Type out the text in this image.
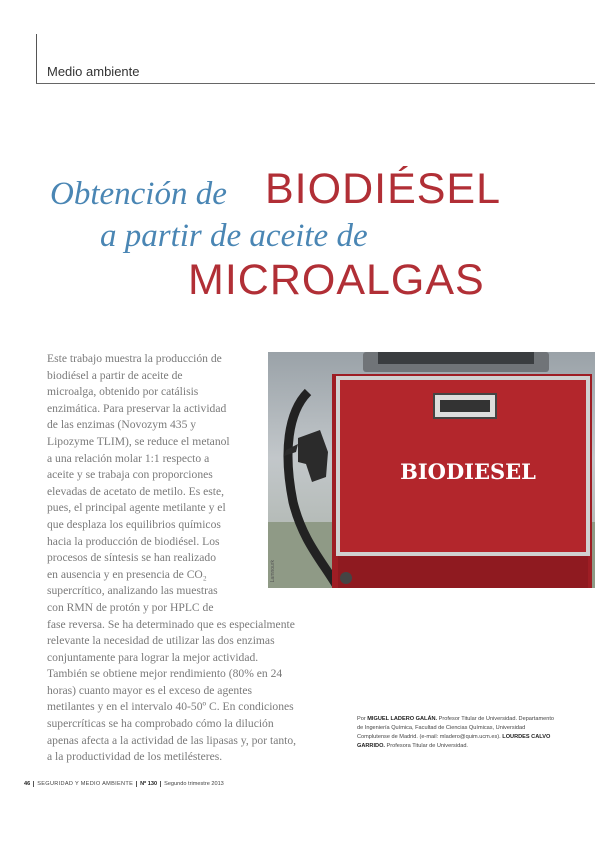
Medio ambiente
Obtención de BIODIÉSEL
a partir de aceite de
MICROALGAS
Este trabajo muestra la producción de
biodiésel a partir de aceite de
microalga, obtenido por catálisis
enzimática. Para preservar la actividad
de las enzimas (Novozym 435 y
Lipozyme TLIM), se reduce el metanol
a una relación molar 1:1 respecto a
aceite y se trabaja con proporciones
elevadas de acetato de metilo. Es este,
pues, el principal agente metilante y el
que desplaza los equilibrios químicos
hacia la producción de biodiésel. Los
procesos de síntesis se han realizado
en ausencia y en presencia de CO₂
supercrítico, analizando las muestras
con RMN de protón y por HPLC de
fase reversa. Se ha determinado que es especialmente
relevante la necesidad de utilizar las dos enzimas
conjuntamente para lograr la mejor actividad.
También se obtiene mejor rendimiento (80% en 24
horas) cuanto mayor es el exceso de agentes
metilantes y en el intervalo 40-50º C. En condiciones
supercríticas se ha comprobado cómo la dilución
apenas afecta a la actividad de las lipasas y, por tanto,
a la productividad de los metilésteres.
BIODIESEL
Lamnourk
Por MIGUEL LADERO GALÁN. Profesor Titular de Universidad. Departamento de Ingeniería Química, Facultad de Ciencias Químicas, Universidad Complutense de Madrid. (e-mail: mladero@quim.ucm.es). LOURDES CALVO GARRIDO. Profesora Titular de Universidad.
46	SEGURIDAD Y MEDIO AMBIENTE	Nº 130	Segundo trimestre 2013
